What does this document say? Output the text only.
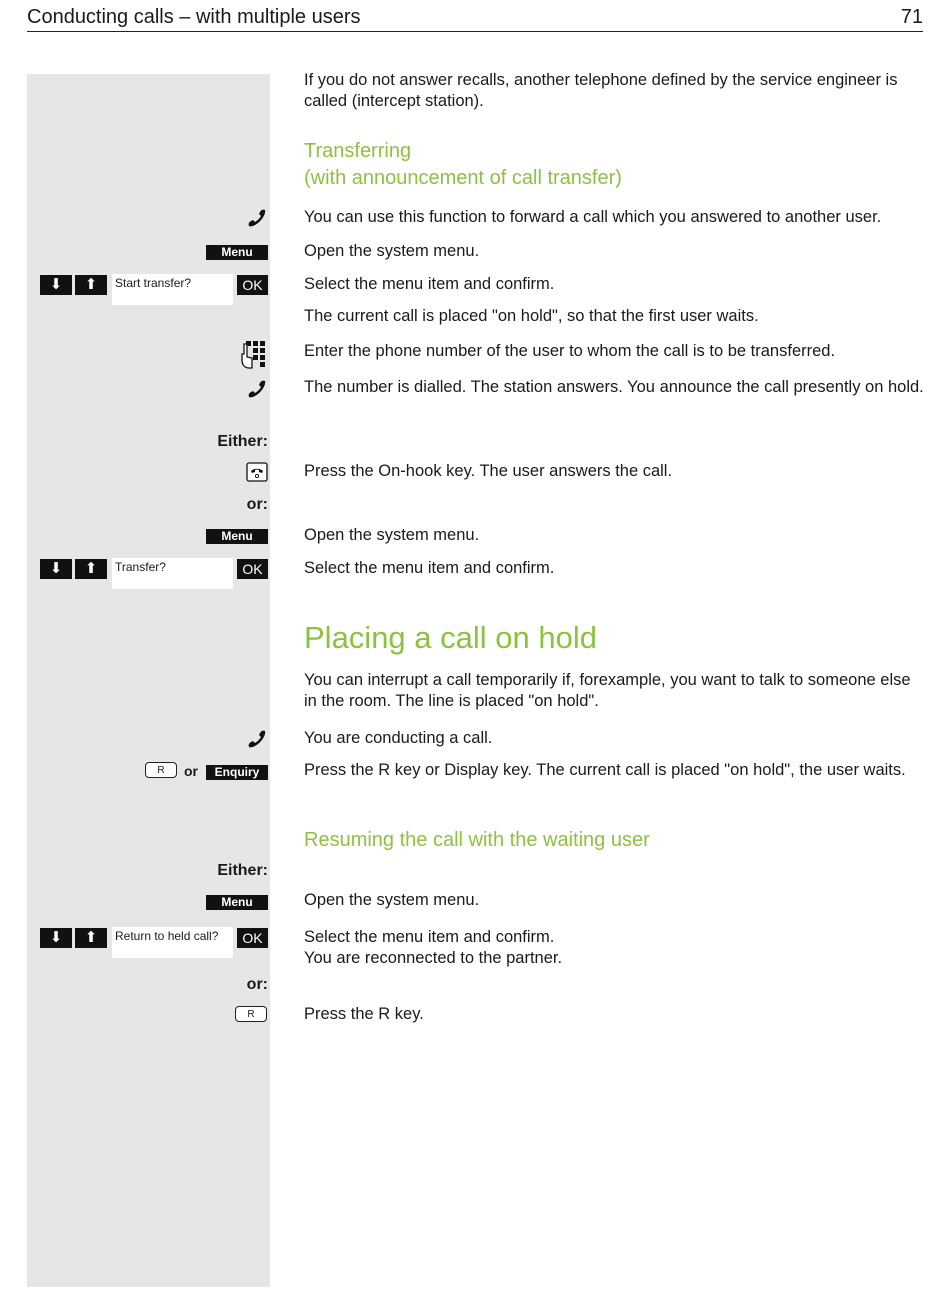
Conducting calls – with multiple users	71
If you do not answer recalls, another telephone defined by the service engineer is called (intercept station).
Transferring
(with announcement of call transfer)
You can use this function to forward a call which you answered to another user.
Menu	Open the system menu.
⬇	⬆	Start transfer?	OK	Select the menu item and confirm.
The current call is placed "on hold", so that the first user waits.
Enter the phone number of the user to whom the call is to be transferred.
The number is dialled. The station answers. You announce the call presently on hold.
Either:
Press the On-hook key. The user answers the call.
or:
Menu	Open the system menu.
⬇	⬆	Transfer?	OK	Select the menu item and confirm.
Placing a call on hold
You can interrupt a call temporarily if, forexample, you want to talk to someone else in the room. The line is placed "on hold".
You are conducting a call.
R	or	Enquiry	Press the R key or Display key. The current call is placed "on hold", the user waits.
Resuming the call with the waiting user
Either:
Menu	Open the system menu.
⬇	⬆	Return to held call?	OK	Select the menu item and confirm.
You are reconnected to the partner.
or:
R	Press the R key.
